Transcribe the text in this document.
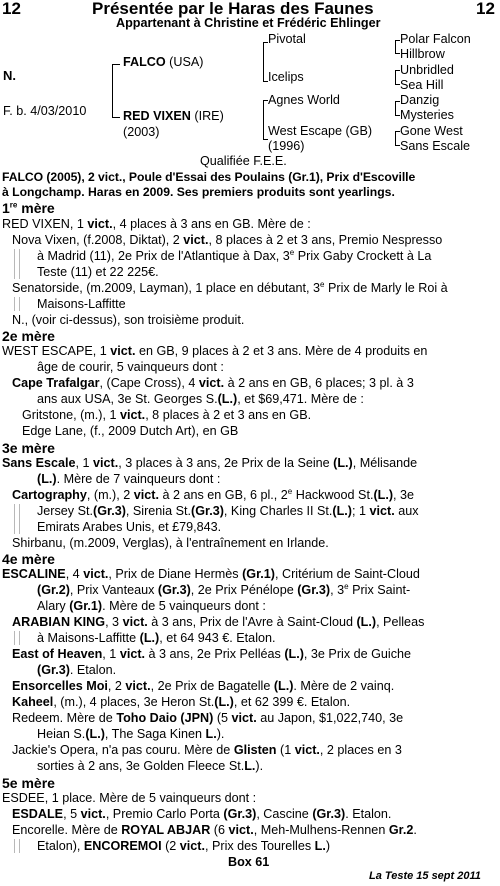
12	Présentée par le Haras des Faunes	12
Appartenant à Christine et Frédéric Ehlinger
N.
F. b. 4/03/2010
FALCO (USA)
RED VIXEN (IRE)
(2003)
Pivotal
Icelips
Agnes World
West Escape (GB)
(1996)
Polar Falcon
Hillbrow
Unbridled
Sea Hill
Danzig
Mysteries
Gone West
Sans Escale
Qualifiée F.E.E.
FALCO (2005), 2 vict., Poule d'Essai des Poulains (Gr.1), Prix d'Escoville
à Longchamp. Haras en 2009. Ses premiers produits sont yearlings.
1re mère
RED VIXEN, 1 vict., 4 places à 3 ans en GB. Mère de :
Nova Vixen, (f.2008, Diktat), 2 vict., 8 places à 2 et 3 ans, Premio Nespresso
à Madrid (11), 2e Prix de l'Atlantique à Dax, 3e Prix Gaby Crockett à La
Teste (11) et 22 225€.
Senatorside, (m.2009, Layman), 1 place en débutant, 3e Prix de Marly le Roi à
Maisons-Laffitte
N., (voir ci-dessus), son troisième produit.
2e mère
WEST ESCAPE, 1 vict. en GB, 9 places à 2 et 3 ans. Mère de 4 produits en
âge de courir, 5 vainqueurs dont :
Cape Trafalgar, (Cape Cross), 4 vict. à 2 ans en GB, 6 places; 3 pl. à 3
ans aux USA, 3e St. Georges S.(L.), et $69,471. Mère de :
Gritstone, (m.), 1 vict., 8 places à 2 et 3 ans en GB.
Edge Lane, (f., 2009 Dutch Art), en GB
3e mère
Sans Escale, 1 vict., 3 places à 3 ans, 2e Prix de la Seine (L.), Mélisande
(L.). Mère de 7 vainqueurs dont :
Cartography, (m.), 2 vict. à 2 ans en GB, 6 pl., 2e Hackwood St.(L.), 3e
Jersey St.(Gr.3), Sirenia St.(Gr.3), King Charles II St.(L.); 1 vict. aux
Emirats Arabes Unis, et £79,843.
Shirbanu, (m.2009, Verglas), à l'entraînement en Irlande.
4e mère
ESCALINE, 4 vict., Prix de Diane Hermès (Gr.1), Critérium de Saint-Cloud
(Gr.2), Prix Vanteaux (Gr.3), 2e Prix Pénélope (Gr.3), 3e Prix Saint-
Alary (Gr.1). Mère de 5 vainqueurs dont :
ARABIAN KING, 3 vict. à 3 ans, Prix de l'Avre à Saint-Cloud (L.), Pelleas
à Maisons-Laffitte (L.), et 64 943 €. Etalon.
East of Heaven, 1 vict. à 3 ans, 2e Prix Pelléas (L.), 3e Prix de Guiche
(Gr.3). Etalon.
Ensorcelles Moi, 2 vict., 2e Prix de Bagatelle (L.). Mère de 2 vainq.
Kaheel, (m.), 4 places, 3e Heron St.(L.), et 62 399 €. Etalon.
Redeem. Mère de Toho Daio (JPN) (5 vict. au Japon, $1,022,740, 3e
Heian S.(L.), The Saga Kinen L.).
Jackie's Opera, n'a pas couru. Mère de Glisten (1 vict., 2 places en 3
sorties à 2 ans, 3e Golden Fleece St.L.).
5e mère
ESDEE, 1 place. Mère de 5 vainqueurs dont :
ESDALE, 5 vict., Premio Carlo Porta (Gr.3), Cascine (Gr.3). Etalon.
Encorelle. Mère de ROYAL ABJAR (6 vict., Meh-Mulhens-Rennen Gr.2.
Etalon), ENCOREMOI (2 vict., Prix des Tourelles L.)
Box 61
La Teste 15 sept 2011
